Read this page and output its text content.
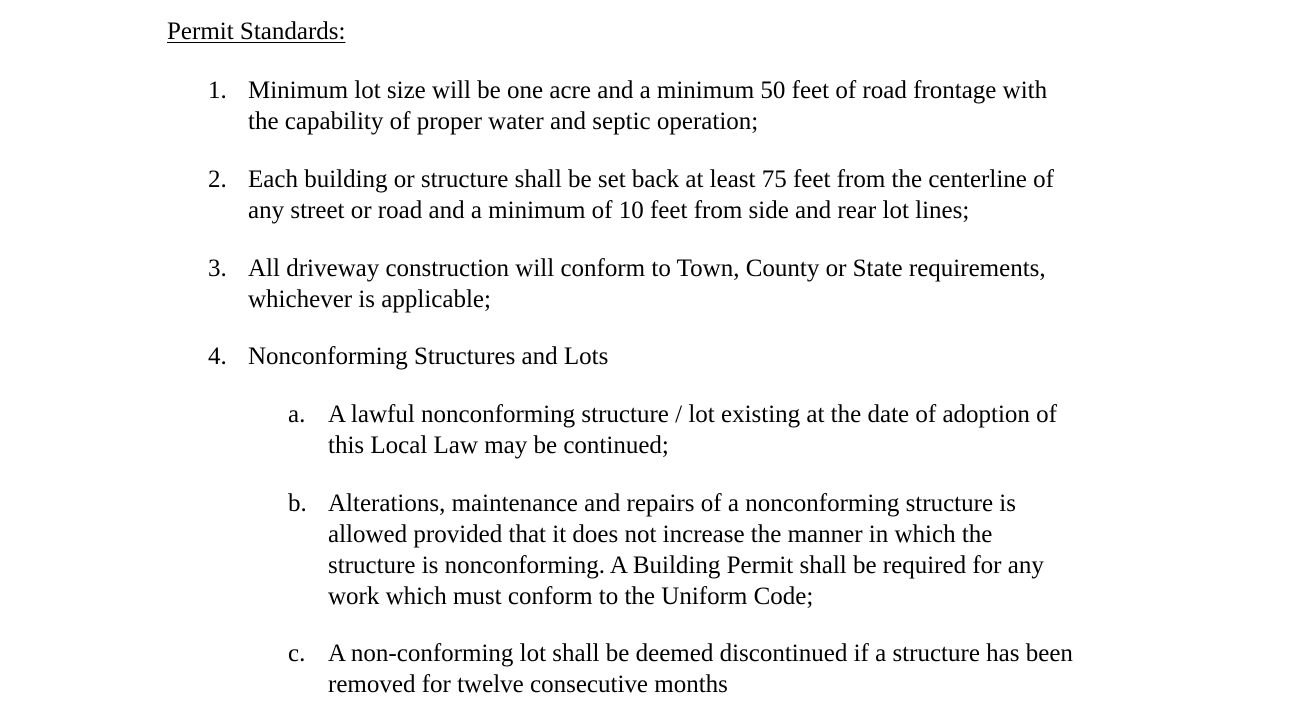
Permit Standards:
1. Minimum lot size will be one acre and a minimum 50 feet of road frontage with
the capability of proper water and septic operation;
2. Each building or structure shall be set back at least 75 feet from the centerline of
any street or road and a minimum of 10 feet from side and rear lot lines;
3. All driveway construction will conform to Town, County or State requirements,
whichever is applicable;
4. Nonconforming Structures and Lots
a. A lawful nonconforming structure / lot existing at the date of adoption of
this Local Law may be continued;
b. Alterations, maintenance and repairs of a nonconforming structure is
allowed provided that it does not increase the manner in which the
structure is nonconforming. A Building Permit shall be required for any
work which must conform to the Uniform Code;
c. A non-conforming lot shall be deemed discontinued if a structure has been
removed for twelve consecutive months
